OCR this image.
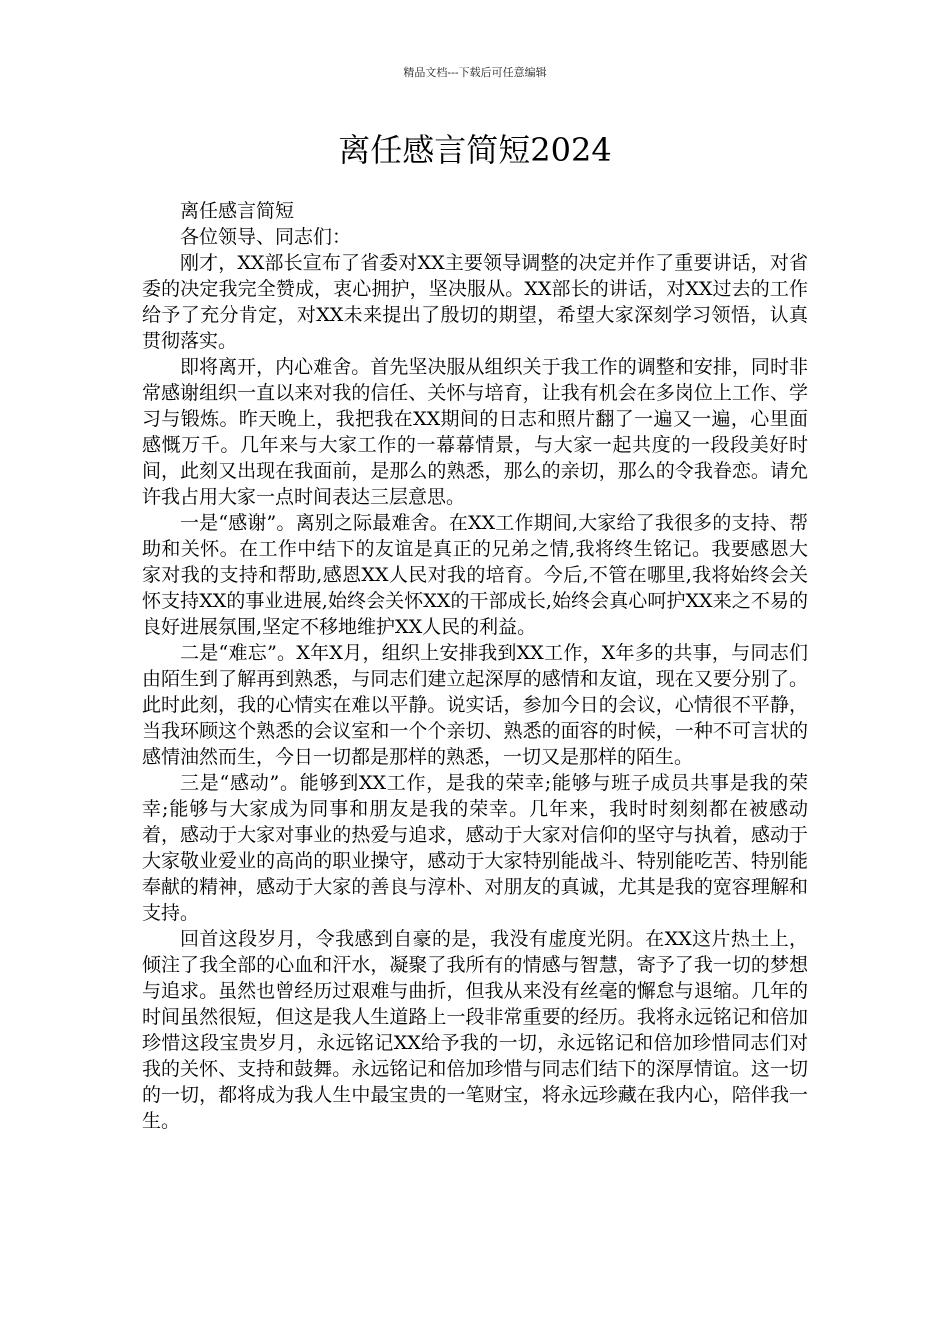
精品文档---下载后可任意编辑
离任感言简短2024

离任感言简短

各位领导、同志们：

刚才，XX部长宣布了省委对XX主要领导调整的决定并作了重要讲话，对省委的决定我完全赞成，衷心拥护，坚决服从。XX部长的讲话，对XX过去的工作给予了充分肯定，对XX未来提出了殷切的期望，希望大家深刻学习领悟，认真贯彻落实。

即将离开，内心难舍。首先坚决服从组织关于我工作的调整和安排，同时非常感谢组织一直以来对我的信任、关怀与培育，让我有机会在多岗位上工作、学习与锻炼。昨天晚上，我把我在XX期间的日志和照片翻了一遍又一遍，心里面感慨万千。几年来与大家工作的一幕幕情景，与大家一起共度的一段段美好时间，此刻又出现在我面前，是那么的熟悉，那么的亲切，那么的令我眷恋。请允许我占用大家一点时间表达三层意思。

一是“感谢”。离别之际最难舍。在XX工作期间,大家给了我很多的支持、帮助和关怀。在工作中结下的友谊是真正的兄弟之情,我将终生铭记。我要感恩大家对我的支持和帮助,感恩XX人民对我的培育。今后,不管在哪里,我将始终会关怀支持XX的事业进展,始终会关怀XX的干部成长,始终会真心呵护XX来之不易的良好进展氛围,坚定不移地维护XX人民的利益。

二是“难忘”。X年X月，组织上安排我到XX工作，X年多的共事，与同志们由陌生到了解再到熟悉，与同志们建立起深厚的感情和友谊，现在又要分别了。此时此刻，我的心情实在难以平静。说实话，参加今日的会议，心情很不平静，当我环顾这个熟悉的会议室和一个个亲切、熟悉的面容的时候，一种不可言状的感情油然而生，今日一切都是那样的熟悉，一切又是那样的陌生。

三是“感动”。能够到XX工作，是我的荣幸;能够与班子成员共事是我的荣幸;能够与大家成为同事和朋友是我的荣幸。几年来，我时时刻刻都在被感动着，感动于大家对事业的热爱与追求，感动于大家对信仰的坚守与执着，感动于大家敬业爱业的高尚的职业操守，感动于大家特别能战斗、特别能吃苦、特别能奉献的精神，感动于大家的善良与淳朴、对朋友的真诚，尤其是我的宽容理解和支持。

回首这段岁月，令我感到自豪的是，我没有虚度光阴。在XX这片热土上，倾注了我全部的心血和汗水，凝聚了我所有的情感与智慧，寄予了我一切的梦想与追求。虽然也曾经历过艰难与曲折，但我从来没有丝毫的懈怠与退缩。几年的时间虽然很短，但这是我人生道路上一段非常重要的经历。我将永远铭记和倍加珍惜这段宝贵岁月，永远铭记XX给予我的一切，永远铭记和倍加珍惜同志们对我的关怀、支持和鼓舞。永远铭记和倍加珍惜与同志们结下的深厚情谊。这一切的一切，都将成为我人生中最宝贵的一笔财宝，将永远珍藏在我内心，陪伴我一生。
